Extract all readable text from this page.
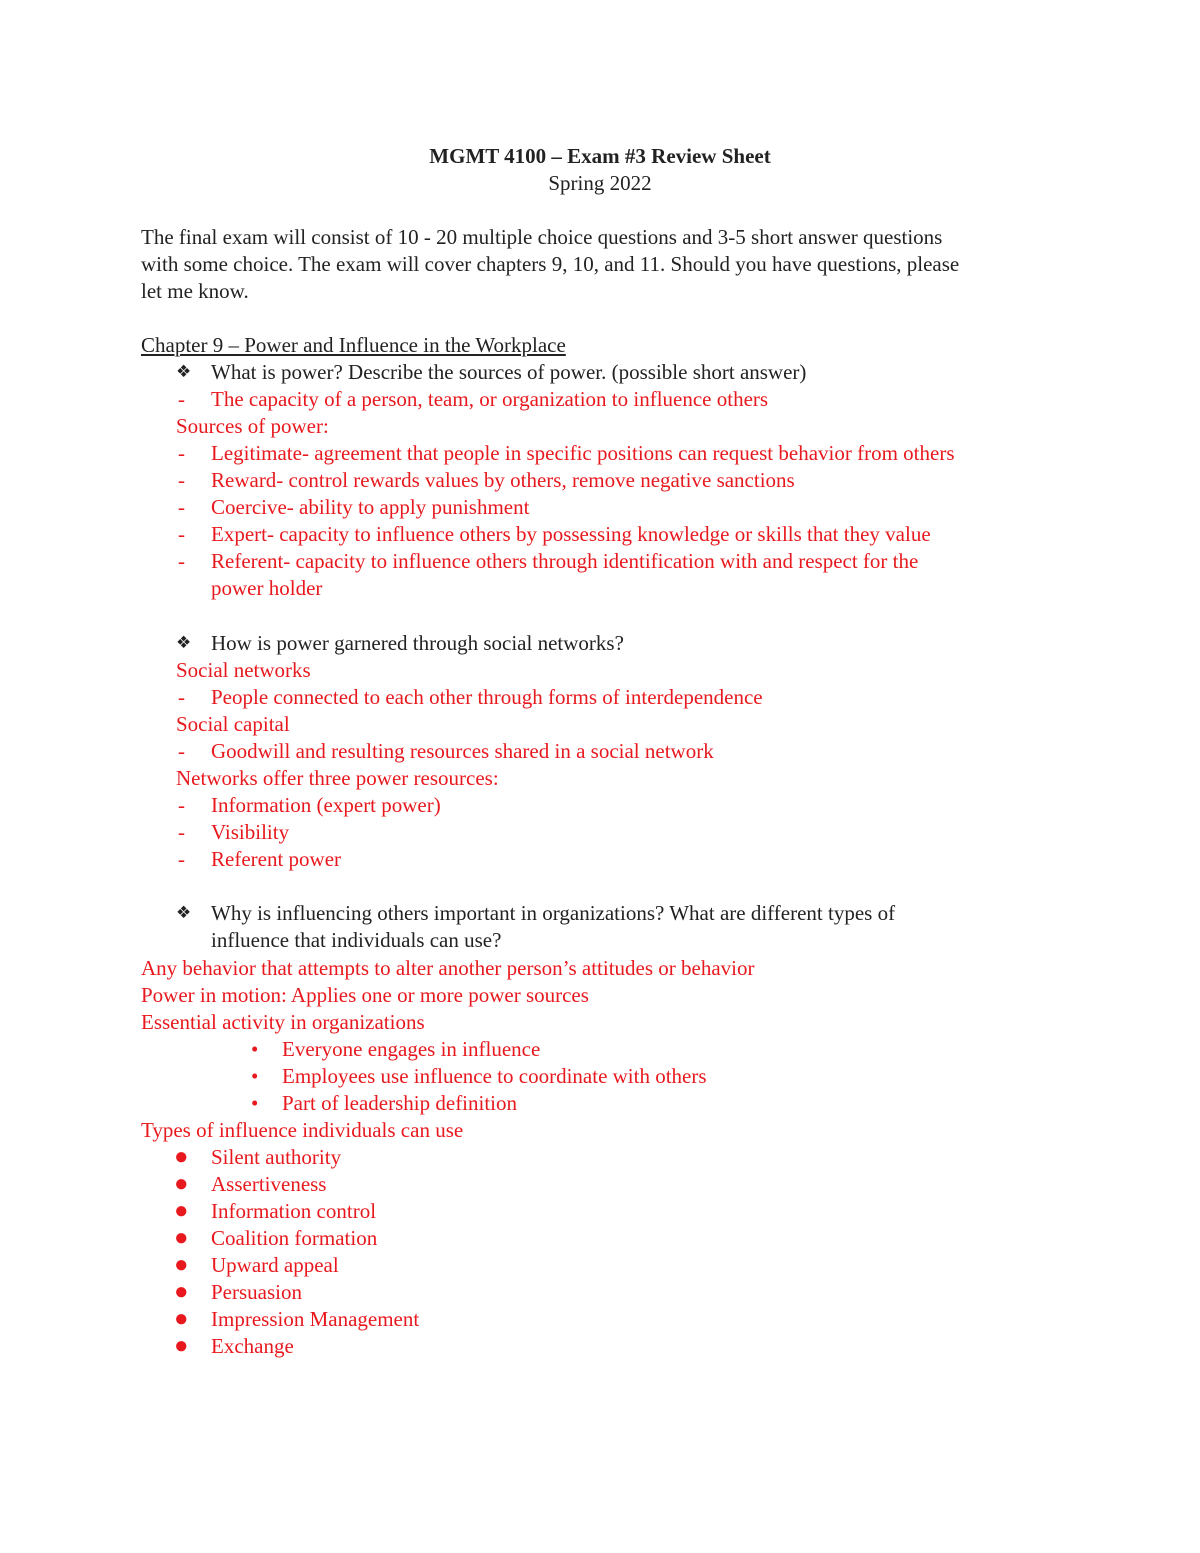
MGMT 4100 – Exam #3 Review Sheet
Spring 2022
The final exam will consist of 10 - 20 multiple choice questions and 3-5 short answer questions
with some choice. The exam will cover chapters 9, 10, and 11. Should you have questions, please
let me know.
Chapter 9 – Power and Influence in the Workplace
❖ What is power? Describe the sources of power. (possible short answer)
- The capacity of a person, team, or organization to influence others
Sources of power:
- Legitimate- agreement that people in specific positions can request behavior from others
- Reward- control rewards values by others, remove negative sanctions
- Coercive- ability to apply punishment
- Expert- capacity to influence others by possessing knowledge or skills that they value
- Referent- capacity to influence others through identification with and respect for the
power holder
❖ How is power garnered through social networks?
Social networks
- People connected to each other through forms of interdependence
Social capital
- Goodwill and resulting resources shared in a social network
Networks offer three power resources:
- Information (expert power)
- Visibility
- Referent power
❖ Why is influencing others important in organizations? What are different types of
influence that individuals can use?
Any behavior that attempts to alter another person’s attitudes or behavior
Power in motion: Applies one or more power sources
Essential activity in organizations
• Everyone engages in influence
• Employees use influence to coordinate with others
• Part of leadership definition
Types of influence individuals can use
● Silent authority
● Assertiveness
● Information control
● Coalition formation
● Upward appeal
● Persuasion
● Impression Management
● Exchange
